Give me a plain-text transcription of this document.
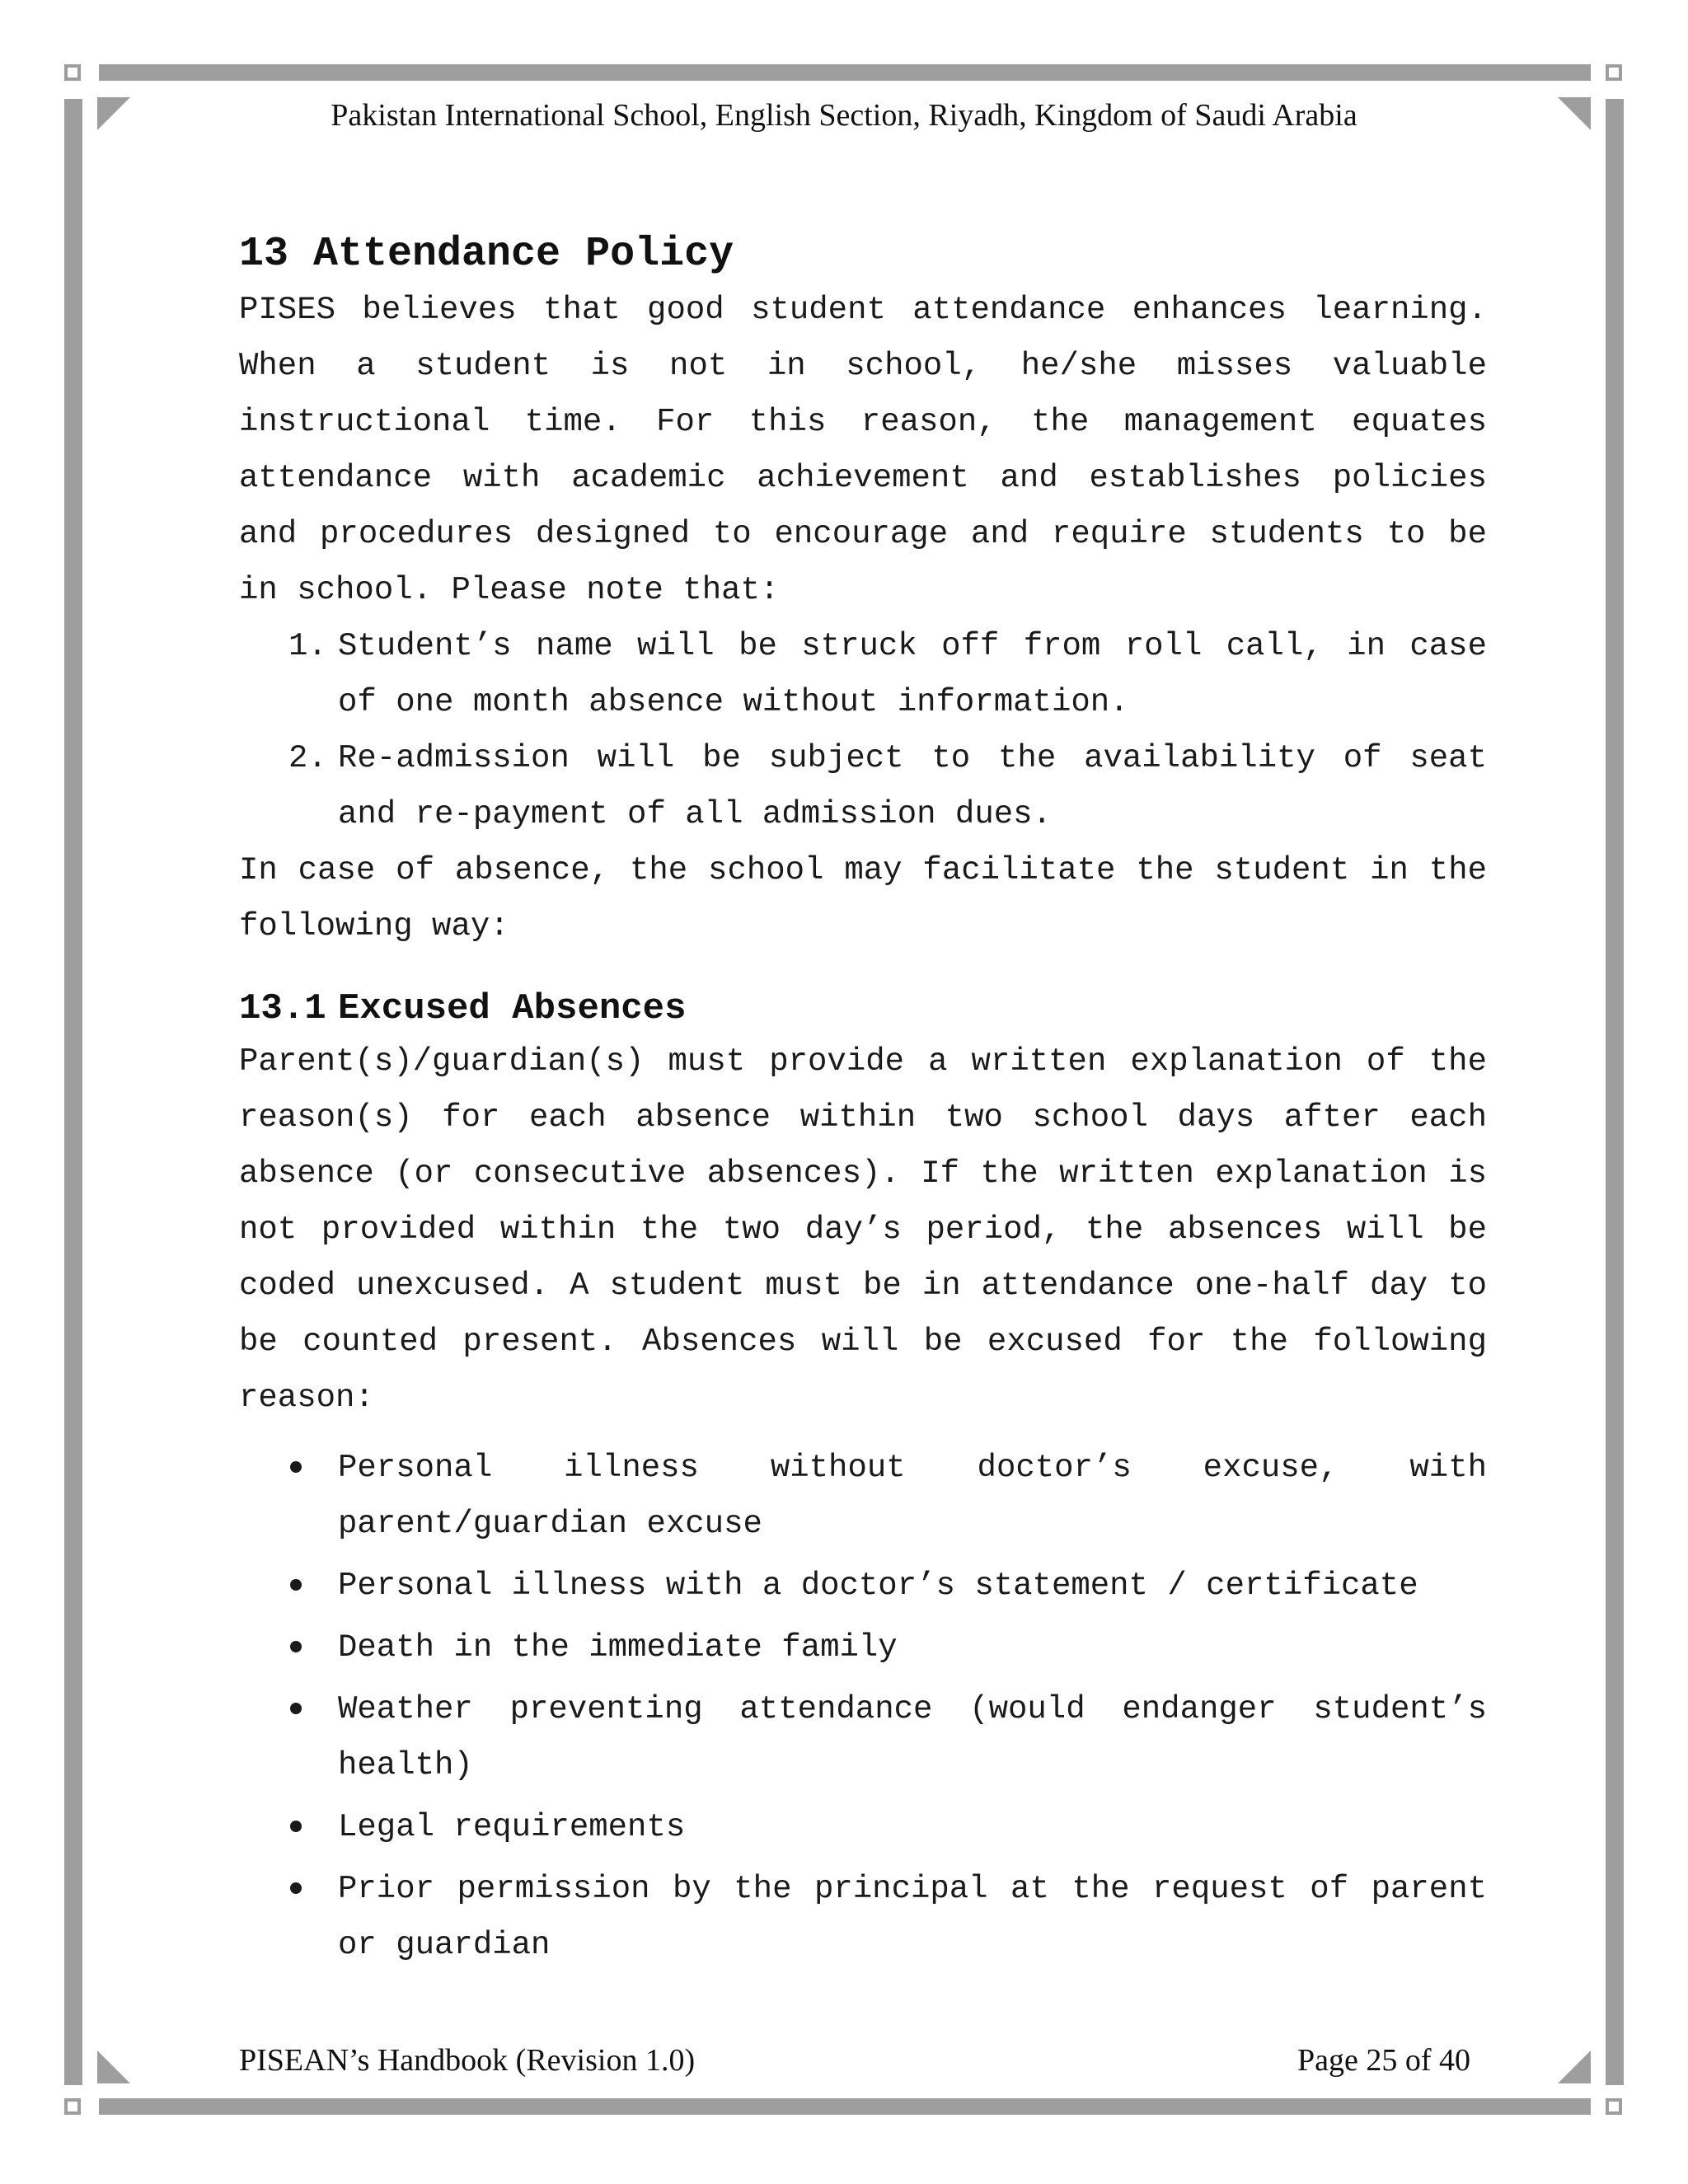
Pakistan International School, English Section, Riyadh, Kingdom of Saudi Arabia
13 Attendance Policy

PISES believes that good student attendance enhances learning. When a student is not in school, he/she misses valuable instructional time. For this reason, the management equates attendance with academic achievement and establishes policies and procedures designed to encourage and require students to be in school. Please note that:

1. Student’s name will be struck off from roll call, in case of one month absence without information.
2. Re-admission will be subject to the availability of seat and re-payment of all admission dues.

In case of absence, the school may facilitate the student in the following way:

13.1 Excused Absences

Parent(s)/guardian(s) must provide a written explanation of the reason(s) for each absence within two school days after each absence (or consecutive absences). If the written explanation is not provided within the two day’s period, the absences will be coded unexcused. A student must be in attendance one-half day to be counted present. Absences will be excused for the following reason:

Personal illness without doctor’s excuse, with parent/guardian excuse
Personal illness with a doctor’s statement / certificate
Death in the immediate family
Weather preventing attendance (would endanger student’s health)
Legal requirements
Prior permission by the principal at the request of parent or guardian
PISEAN’s Handbook (Revision 1.0)	Page 25 of 40
